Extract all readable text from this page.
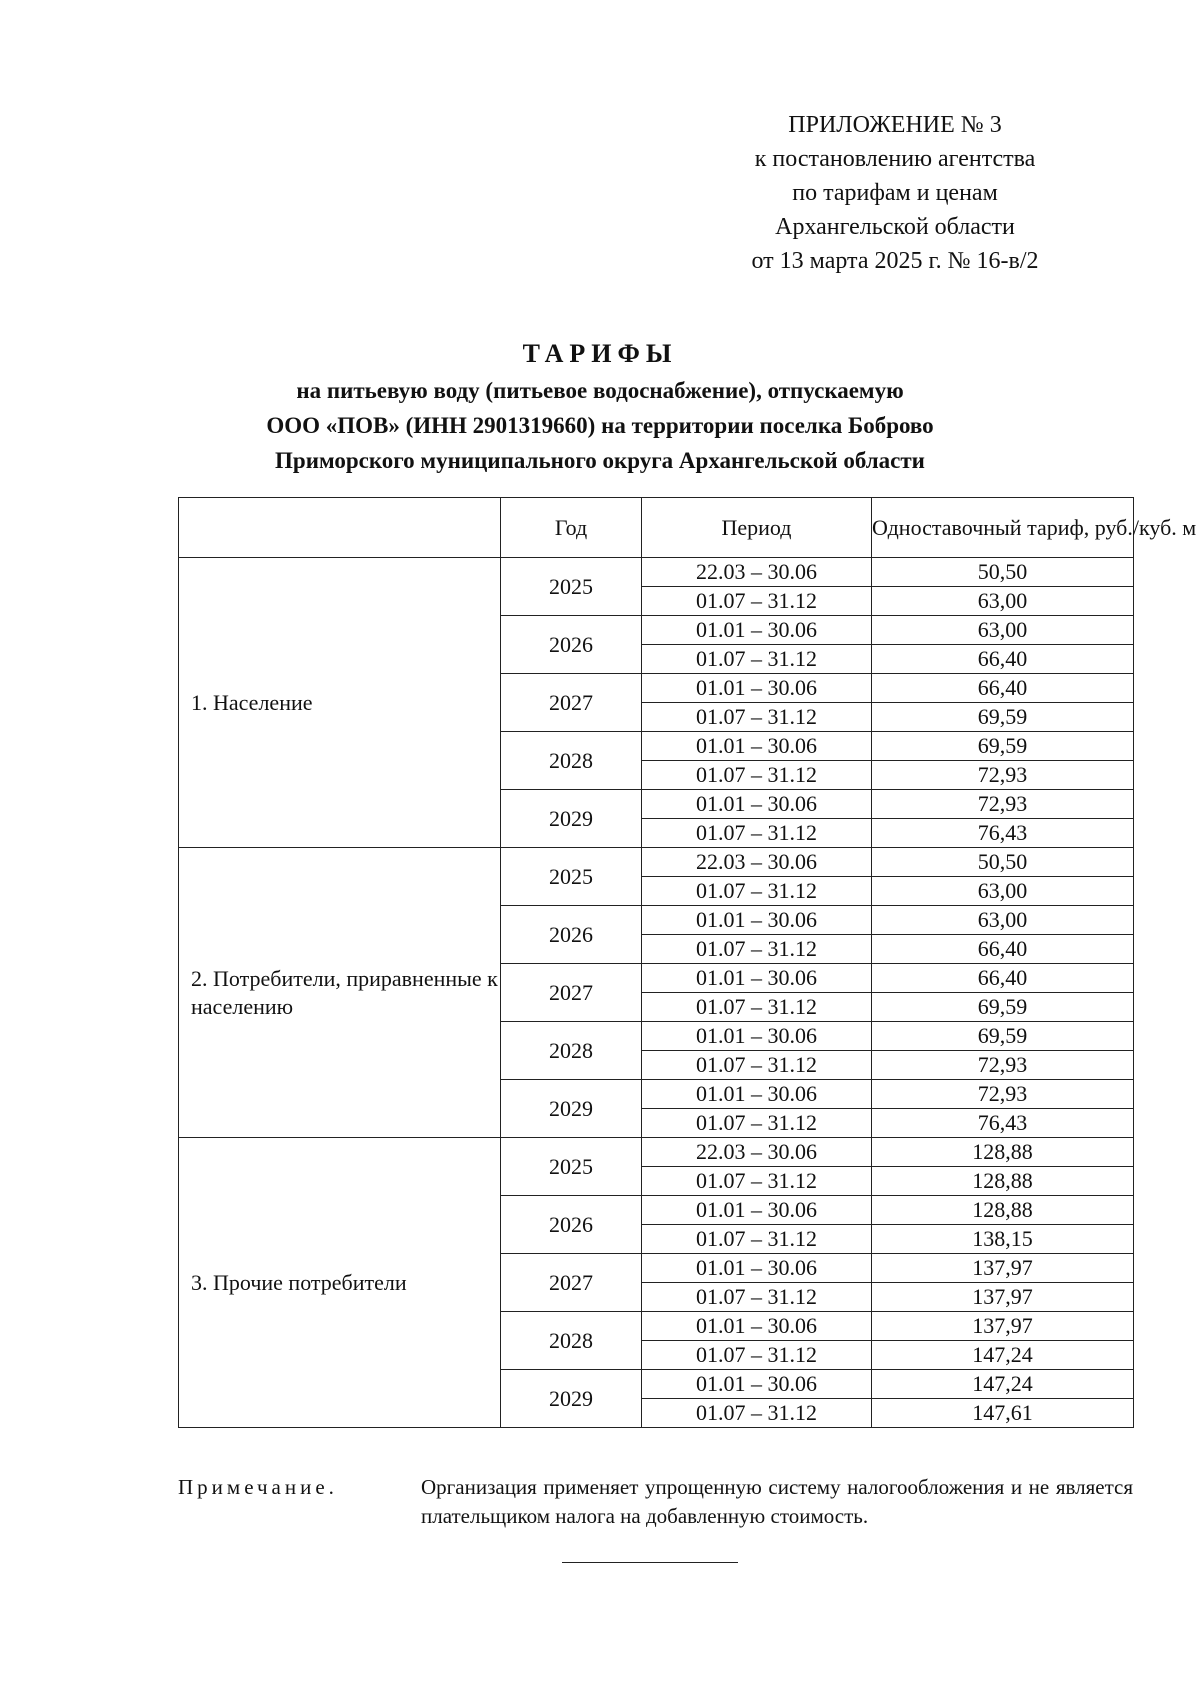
ПРИЛОЖЕНИЕ № 3
к постановлению агентства
по тарифам и ценам
Архангельской области
от 13 марта 2025 г. № 16-в/2
ТАРИФЫ
на питьевую воду (питьевое водоснабжение), отпускаемую
ООО «ПОВ» (ИНН 2901319660) на территории поселка Боброво
Приморского муниципального округа Архангельской области
	Год	Период	Одноставочный тариф, руб./куб. м
1. Население	2025	22.03 – 30.06	50,50
		01.07 – 31.12	63,00
	2026	01.01 – 30.06	63,00
		01.07 – 31.12	66,40
	2027	01.01 – 30.06	66,40
		01.07 – 31.12	69,59
	2028	01.01 – 30.06	69,59
		01.07 – 31.12	72,93
	2029	01.01 – 30.06	72,93
		01.07 – 31.12	76,43
2. Потребители, приравненные к населению	2025	22.03 – 30.06	50,50
		01.07 – 31.12	63,00
	2026	01.01 – 30.06	63,00
		01.07 – 31.12	66,40
	2027	01.01 – 30.06	66,40
		01.07 – 31.12	69,59
	2028	01.01 – 30.06	69,59
		01.07 – 31.12	72,93
	2029	01.01 – 30.06	72,93
		01.07 – 31.12	76,43
3. Прочие потребители	2025	22.03 – 30.06	128,88
		01.07 – 31.12	128,88
	2026	01.01 – 30.06	128,88
		01.07 – 31.12	138,15
	2027	01.01 – 30.06	137,97
		01.07 – 31.12	137,97
	2028	01.01 – 30.06	137,97
		01.07 – 31.12	147,24
	2029	01.01 – 30.06	147,24
		01.07 – 31.12	147,61
Примечание.	Организация применяет упрощенную систему налогообложения и не является плательщиком налога на добавленную стоимость.
